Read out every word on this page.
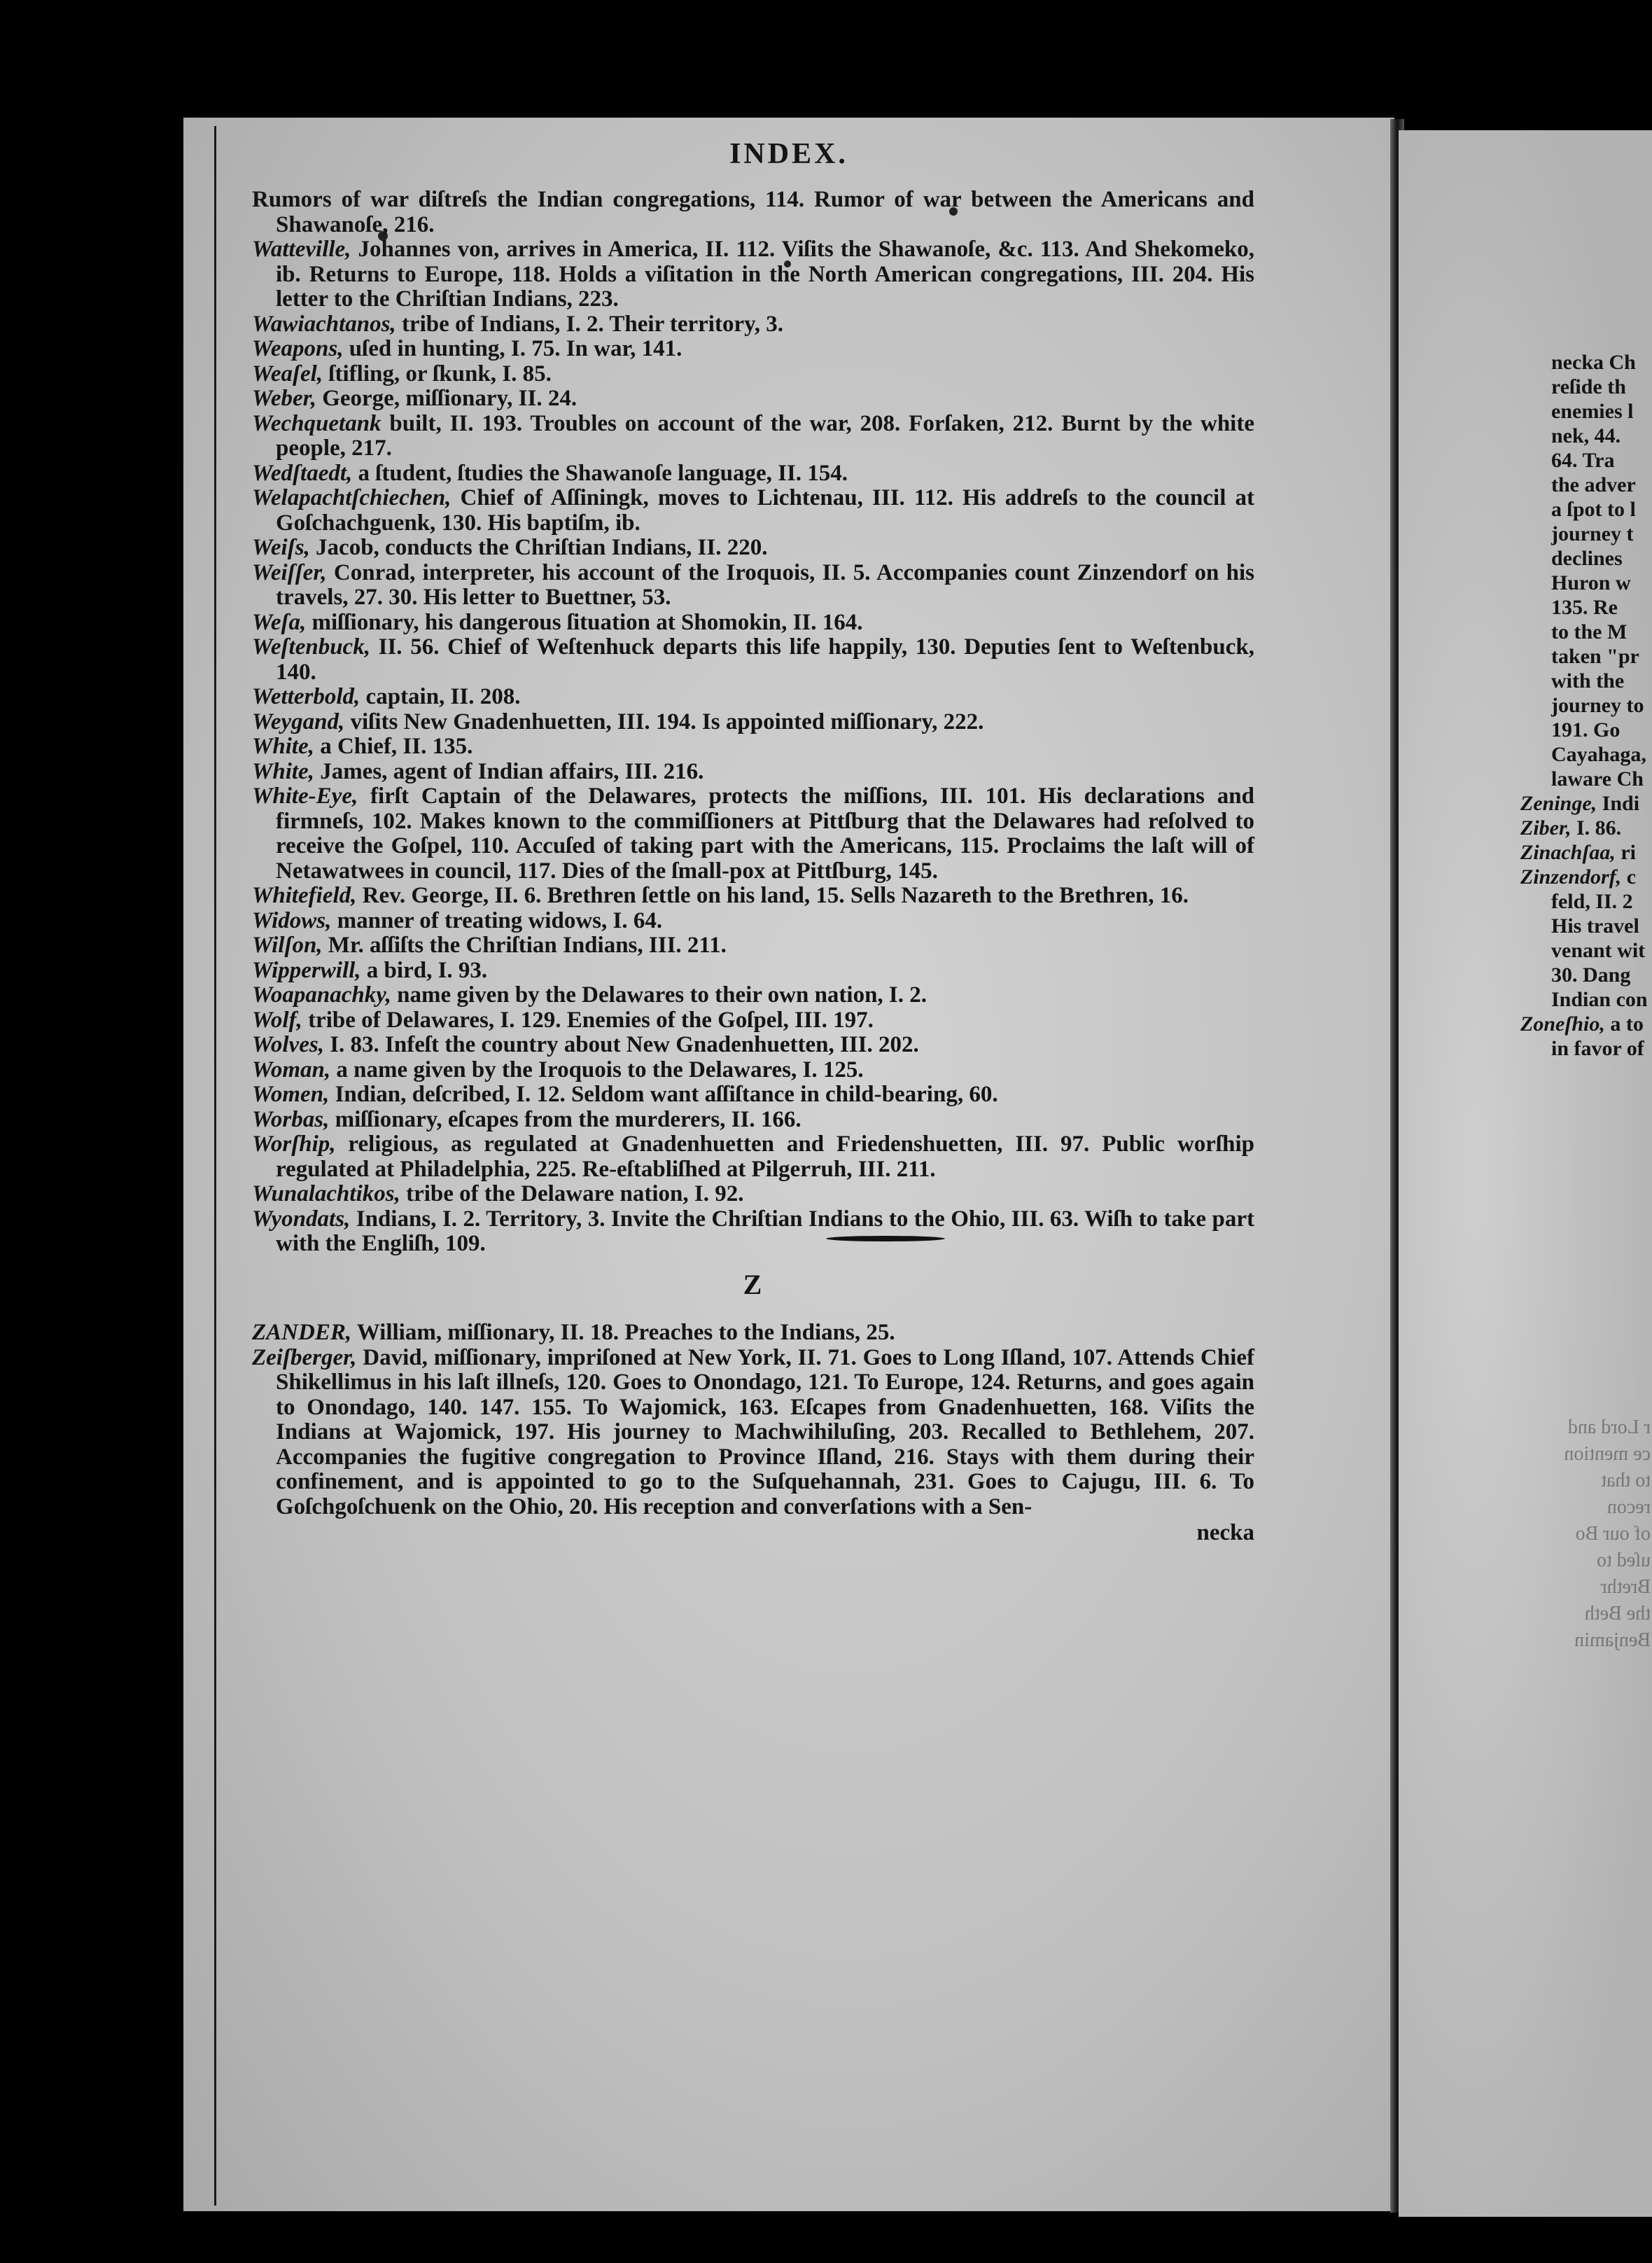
INDEX.

Rumors of war diſtreſs the Indian congregations, 114. Rumor of war between the Americans and Shawanoſe, 216.

Watteville, Johannes von, arrives in America, II. 112. Viſits the Shawanoſe, &c. 113. And Shekomeko, ib. Returns to Europe, 118. Holds a viſitation in the North American congregations, III. 204. His letter to the Chriſtian Indians, 223.

Wawiachtanos, tribe of Indians, I. 2. Their territory, 3.

Weapons, uſed in hunting, I. 75. In war, 141.

Weaſel, ſtifling, or ſkunk, I. 85.

Weber, George, miſſionary, II. 24.

Wechquetank built, II. 193. Troubles on account of the war, 208. Forſaken, 212. Burnt by the white people, 217.

Wedſtaedt, a ſtudent, ſtudies the Shawanoſe language, II. 154.

Welapachtſchiechen, Chief of Aſſiningk, moves to Lichtenau, III. 112. His addreſs to the council at Goſchachguenk, 130. His baptiſm, ib.

Weiſs, Jacob, conducts the Chriſtian Indians, II. 220.

Weiſſer, Conrad, interpreter, his account of the Iroquois, II. 5. Accompanies count Zinzendorf on his travels, 27. 30. His letter to Buettner, 53.

Weſa, miſſionary, his dangerous ſituation at Shomokin, II. 164.

Weſtenbuck, II. 56. Chief of Weſtenhuck departs this life happily, 130. Deputies ſent to Weſtenbuck, 140.

Wetterbold, captain, II. 208.

Weygand, viſits New Gnadenhuetten, III. 194. Is appointed miſſionary, 222.

White, a Chief, II. 135.

White, James, agent of Indian affairs, III. 216.

White-Eye, firſt Captain of the Delawares, protects the miſſions, III. 101. His declarations and firmneſs, 102. Makes known to the commiſſioners at Pittſburg that the Delawares had reſolved to receive the Goſpel, 110. Accuſed of taking part with the Americans, 115. Proclaims the laſt will of Netawatwees in council, 117. Dies of the ſmall-pox at Pittſburg, 145.

Whitefield, Rev. George, II. 6. Brethren ſettle on his land, 15. Sells Nazareth to the Brethren, 16.

Widows, manner of treating widows, I. 64.

Wilſon, Mr. aſſiſts the Chriſtian Indians, III. 211.

Wipperwill, a bird, I. 93.

Woapanachky, name given by the Delawares to their own nation, I. 2.

Wolf, tribe of Delawares, I. 129. Enemies of the Goſpel, III. 197.

Wolves, I. 83. Infeſt the country about New Gnadenhuetten, III. 202.

Woman, a name given by the Iroquois to the Delawares, I. 125.

Women, Indian, deſcribed, I. 12. Seldom want aſſiſtance in child-bearing, 60.

Worbas, miſſionary, eſcapes from the murderers, II. 166.

Worſhip, religious, as regulated at Gnadenhuetten and Friedenshuetten, III. 97. Public worſhip regulated at Philadelphia, 225. Re-eſtabliſhed at Pilgerruh, III. 211.

Wunalachtikos, tribe of the Delaware nation, I. 92.

Wyondats, Indians, I. 2. Territory, 3. Invite the Chriſtian Indians to the Ohio, III. 63. Wiſh to take part with the Engliſh, 109.

Z

ZANDER, William, miſſionary, II. 18. Preaches to the Indians, 25.

Zeiſberger, David, miſſionary, impriſoned at New York, II. 71. Goes to Long Iſland, 107. Attends Chief Shikellimus in his laſt illneſs, 120. Goes to Onondago, 121. To Europe, 124. Returns, and goes again to Onondago, 140. 147. 155. To Wajomick, 163. Eſcapes from Gnadenhuetten, 168. Viſits the Indians at Wajomick, 197. His journey to Machwihiluſing, 203. Recalled to Bethlehem, 207. Accompanies the fugitive congregation to Province Iſland, 216. Stays with them during their confinement, and is appointed to go to the Suſquehannah, 231. Goes to Cajugu, III. 6. To Goſchgoſchuenk on the Ohio, 20. His reception and converſations with a Sen-

necka
necka Ch
reſide th
enemies l
nek, 44.
64. Tra
the adver
a ſpot to l
journey t
declines
Huron w
135. Re
to the M
taken "pr
with the
journey to
191. Go
Cayahaga,
laware Ch
Zeninge, Indi
Ziber, I. 86.
Zinachſaa, ri
Zinzendorf, c
feld, II. 2
His travel
venant wit
30. Dang
Indian con
Zoneſhio, a to
in favor of
r Lord and
ce mention
to that
recon
of our Bo
uſed to
Brethr
the Beth
Benjamin
